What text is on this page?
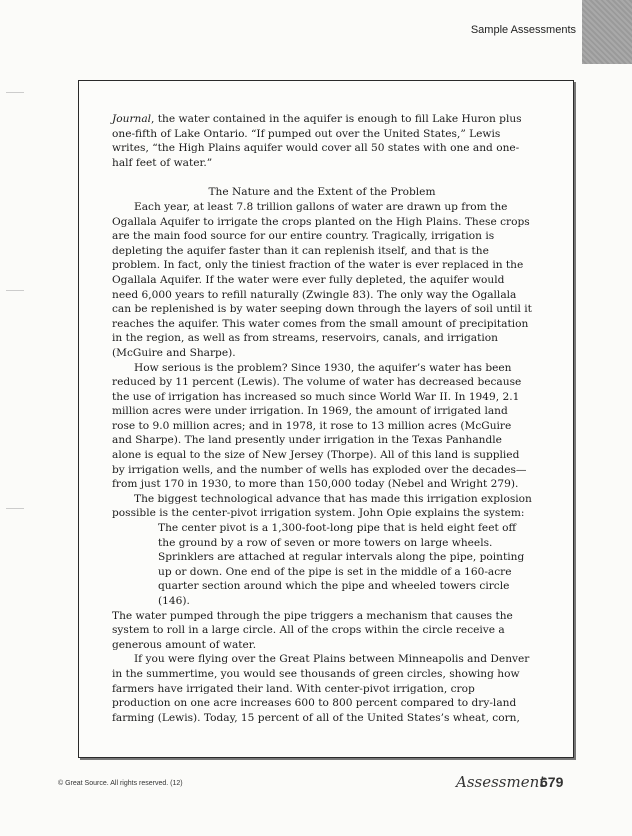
Sample Assessments

Journal, the water contained in the aquifer is enough to fill Lake Huron plus one-fifth of Lake Ontario. “If pumped out over the United States,” Lewis writes, “the High Plains aquifer would cover all 50 states with one and one-half feet of water.”

The Nature and the Extent of the Problem

Each year, at least 7.8 trillion gallons of water are drawn up from the Ogallala Aquifer to irrigate the crops planted on the High Plains. These crops are the main food source for our entire country. Tragically, irrigation is depleting the aquifer faster than it can replenish itself, and that is the problem. In fact, only the tiniest fraction of the water is ever replaced in the Ogallala Aquifer. If the water were ever fully depleted, the aquifer would need 6,000 years to refill naturally (Zwingle 83). The only way the Ogallala can be replenished is by water seeping down through the layers of soil until it reaches the aquifer. This water comes from the small amount of precipitation in the region, as well as from streams, reservoirs, canals, and irrigation (McGuire and Sharpe).

How serious is the problem? Since 1930, the aquifer’s water has been reduced by 11 percent (Lewis). The volume of water has decreased because the use of irrigation has increased so much since World War II. In 1949, 2.1 million acres were under irrigation. In 1969, the amount of irrigated land rose to 9.0 million acres; and in 1978, it rose to 13 million acres (McGuire and Sharpe). The land presently under irrigation in the Texas Panhandle alone is equal to the size of New Jersey (Thorpe). All of this land is supplied by irrigation wells, and the number of wells has exploded over the decades—from just 170 in 1930, to more than 150,000 today (Nebel and Wright 279).

The biggest technological advance that has made this irrigation explosion possible is the center-pivot irrigation system. John Opie explains the system:

The center pivot is a 1,300-foot-long pipe that is held eight feet off the ground by a row of seven or more towers on large wheels. Sprinklers are attached at regular intervals along the pipe, pointing up or down. One end of the pipe is set in the middle of a 160-acre quarter section around which the pipe and wheeled towers circle (146).

The water pumped through the pipe triggers a mechanism that causes the system to roll in a large circle. All of the crops within the circle receive a generous amount of water.

If you were flying over the Great Plains between Minneapolis and Denver in the summertime, you would see thousands of green circles, showing how farmers have irrigated their land. With center-pivot irrigation, crop production on one acre increases 600 to 800 percent compared to dry-land farming (Lewis). Today, 15 percent of all of the United States’s wheat, corn,

© Great Source. All rights reserved. (12)	Assessment
679
